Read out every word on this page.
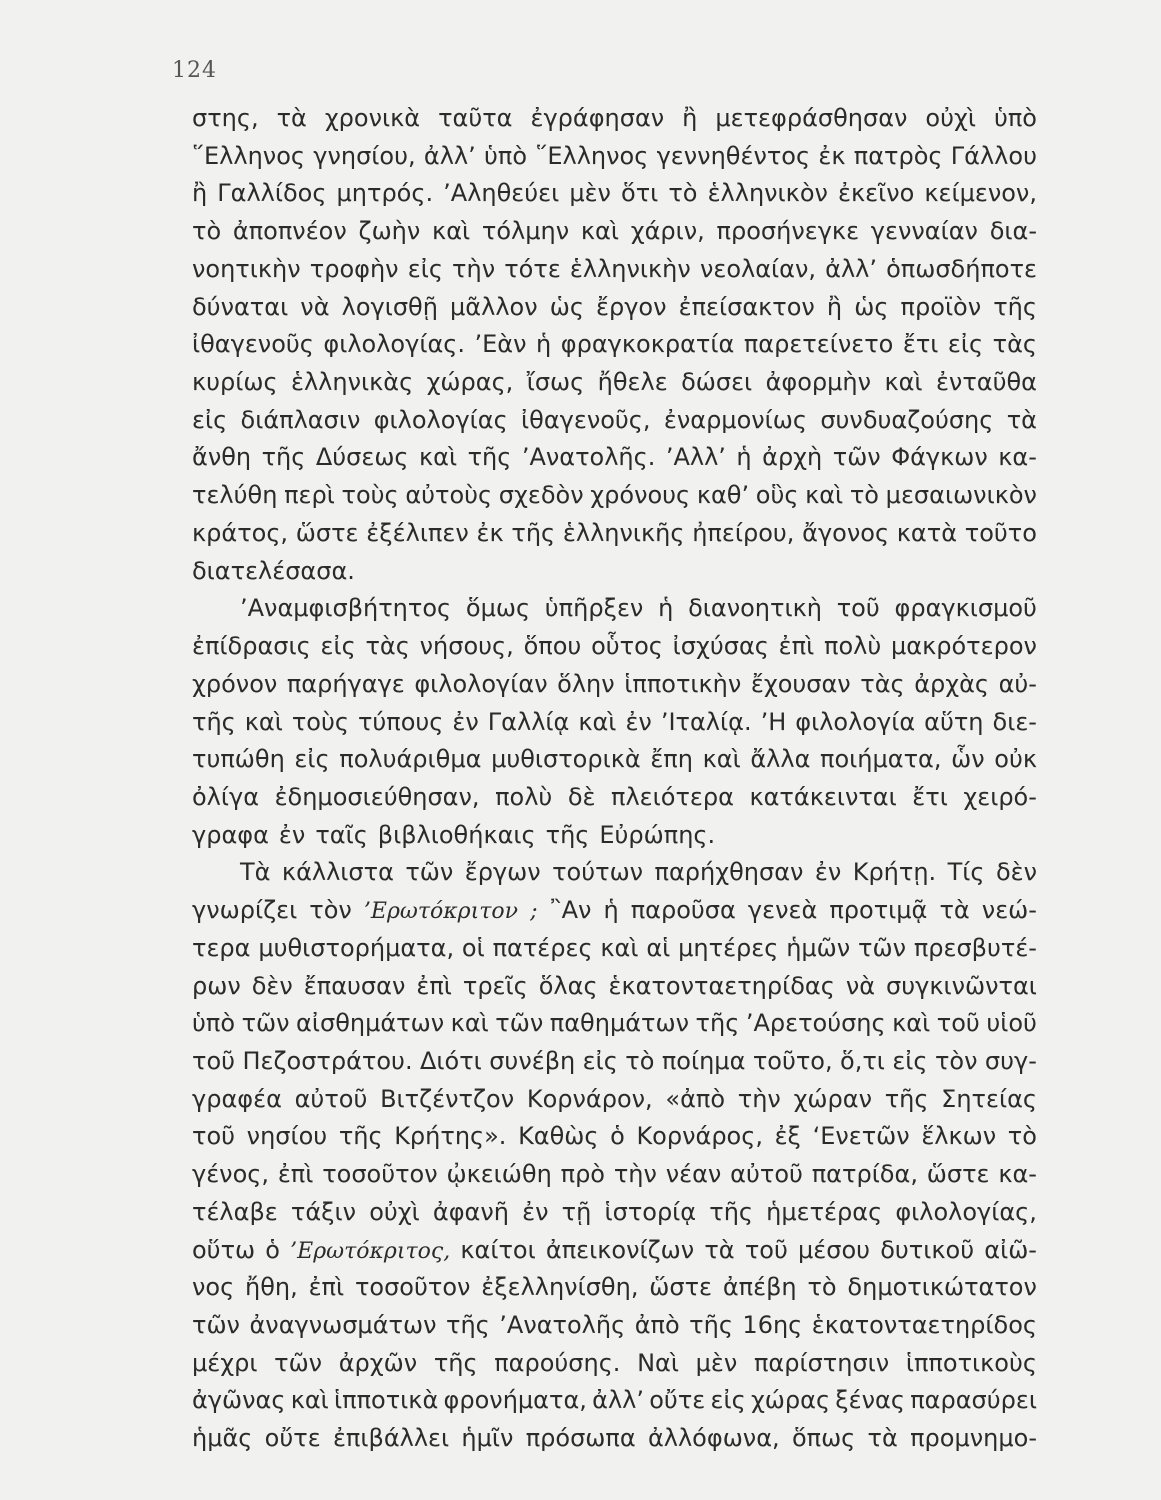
124
στης, τὰ χρονικὰ ταῦτα ἐγράφησαν ἢ μετεφράσθησαν οὐχὶ ὑπὸ
῞Ελληνος γνησίου, ἀλλ’ ὑπὸ ῞Ελληνος γεννηθέντος ἐκ πατρὸς Γάλλου
ἢ Γαλλίδος μητρός. ’Αληθεύει μὲν ὅτι τὸ ἑλληνικὸν ἐκεῖνο κείμενον,
τὸ ἀποπνέον ζωὴν καὶ τόλμην καὶ χάριν, προσήνεγκε γενναίαν δια-
νοητικὴν τροφὴν εἰς τὴν τότε ἑλληνικὴν νεολαίαν, ἀλλ’ ὁπωσδήποτε
δύναται νὰ λογισθῇ μᾶλλον ὡς ἔργον ἐπείσακτον ἢ ὡς προϊὸν τῆς
ἰθαγενοῦς φιλολογίας. ’Εὰν ἡ φραγκοκρατία παρετείνετο ἔτι εἰς τὰς
κυρίως ἑλληνικὰς χώρας, ἴσως ἤθελε δώσει ἀφορμὴν καὶ ἐνταῦθα
εἰς διάπλασιν φιλολογίας ἰθαγενοῦς, ἐναρμονίως συνδυαζούσης τὰ
ἄνθη τῆς Δύσεως καὶ τῆς ’Ανατολῆς. ’Αλλ’ ἡ ἀρχὴ τῶν Φάγκων κα-
τελύθη περὶ τοὺς αὐτοὺς σχεδὸν χρόνους καθ’ οὓς καὶ τὸ μεσαιωνικὸν
κράτος, ὥστε ἐξέλιπεν ἐκ τῆς ἑλληνικῆς ἠπείρου, ἄγονος κατὰ τοῦτο
διατελέσασα.
’Αναμφισβήτητος ὅμως ὑπῆρξεν ἡ διανοητικὴ τοῦ φραγκισμοῦ
ἐπίδρασις εἰς τὰς νήσους, ὅπου οὗτος ἰσχύσας ἐπὶ πολὺ μακρότερον
χρόνον παρήγαγε φιλολογίαν ὅλην ἱπποτικὴν ἔχουσαν τὰς ἀρχὰς αὐ-
τῆς καὶ τοὺς τύπους ἐν Γαλλίᾳ καὶ ἐν ’Ιταλίᾳ. ’Η φιλολογία αὕτη διε-
τυπώθη εἰς πολυάριθμα μυθιστορικὰ ἔπη καὶ ἄλλα ποιήματα, ὧν οὐκ
ὀλίγα ἐδημοσιεύθησαν, πολὺ δὲ πλειότερα κατάκεινται ἔτι χειρό-
γραφα ἐν ταῖς βιβλιοθήκαις τῆς Εὐρώπης.
Τὰ κάλλιστα τῶν ἔργων τούτων παρήχθησαν ἐν Κρήτῃ. Τίς δὲν
γνωρίζει τὸν ’Ερωτόκριτον ; ῍Αν ἡ παροῦσα γενεὰ προτιμᾷ τὰ νεώ-
τερα μυθιστορήματα, οἱ πατέρες καὶ αἱ μητέρες ἡμῶν τῶν πρεσβυτέ-
ρων δὲν ἔπαυσαν ἐπὶ τρεῖς ὅλας ἑκατονταετηρίδας νὰ συγκινῶνται
ὑπὸ τῶν αἰσθημάτων καὶ τῶν παθημάτων τῆς ’Αρετούσης καὶ τοῦ υἱοῦ
τοῦ Πεζοστράτου. Διότι συνέβη εἰς τὸ ποίημα τοῦτο, ὅ,τι εἰς τὸν συγ-
γραφέα αὐτοῦ Βιτζέντζον Κορνάρον, «ἀπὸ τὴν χώραν τῆς Σητείας
τοῦ νησίου τῆς Κρήτης». Καθὼς ὁ Κορνάρος, ἐξ ‘Ενετῶν ἕλκων τὸ
γένος, ἐπὶ τοσοῦτον ᾠκειώθη πρὸ τὴν νέαν αὐτοῦ πατρίδα, ὥστε κα-
τέλαβε τάξιν οὐχὶ ἀφανῆ ἐν τῇ ἱστορίᾳ τῆς ἡμετέρας φιλολογίας,
οὕτω ὁ ’Ερωτόκριτος, καίτοι ἀπεικονίζων τὰ τοῦ μέσου δυτικοῦ αἰῶ-
νος ἤθη, ἐπὶ τοσοῦτον ἐξελληνίσθη, ὥστε ἀπέβη τὸ δημοτικώτατον
τῶν ἀναγνωσμάτων τῆς ’Ανατολῆς ἀπὸ τῆς 16ης ἑκατονταετηρίδος
μέχρι τῶν ἀρχῶν τῆς παρούσης. Ναὶ μὲν παρίστησιν ἱπποτικοὺς
ἀγῶνας καὶ ἱπποτικὰ φρονήματα, ἀλλ’ οὔτε εἰς χώρας ξένας παρασύρει
ἡμᾶς οὔτε ἐπιβάλλει ἡμῖν πρόσωπα ἀλλόφωνα, ὅπως τὰ προμνημο-
